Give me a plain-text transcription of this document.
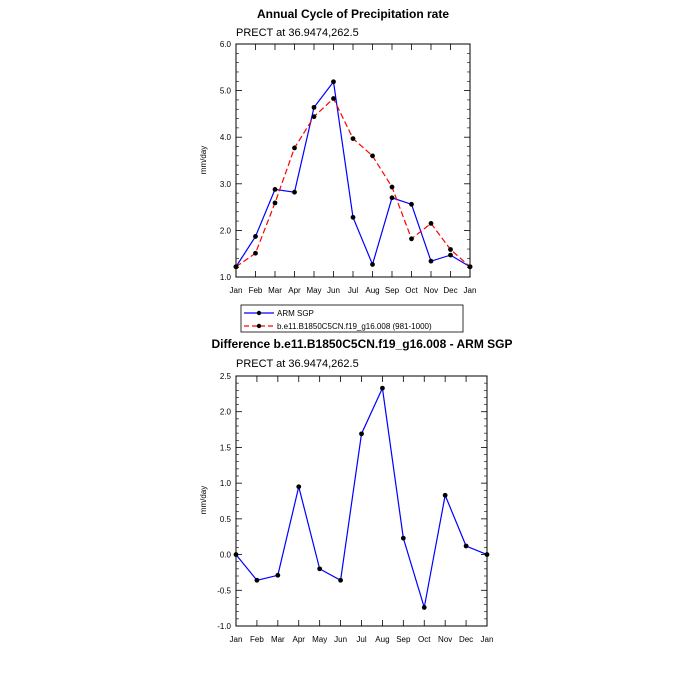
Annual Cycle of Precipitation rate
PRECT at 36.9474,262.5
mm/day
1.0
2.0
3.0
4.0
5.0
6.0
Jan Feb Mar Apr May Jun Jul Aug Sep Oct Nov Dec Jan
ARM SGP
b.e11.B1850C5CN.f19_g16.008 (981-1000)
Difference b.e11.B1850C5CN.f19_g16.008 - ARM SGP
PRECT at 36.9474,262.5
mm/day
-1.0
-0.5
0.0
0.5
1.0
1.5
2.0
2.5
Jan Feb Mar Apr May Jun Jul Aug Sep Oct Nov Dec Jan
